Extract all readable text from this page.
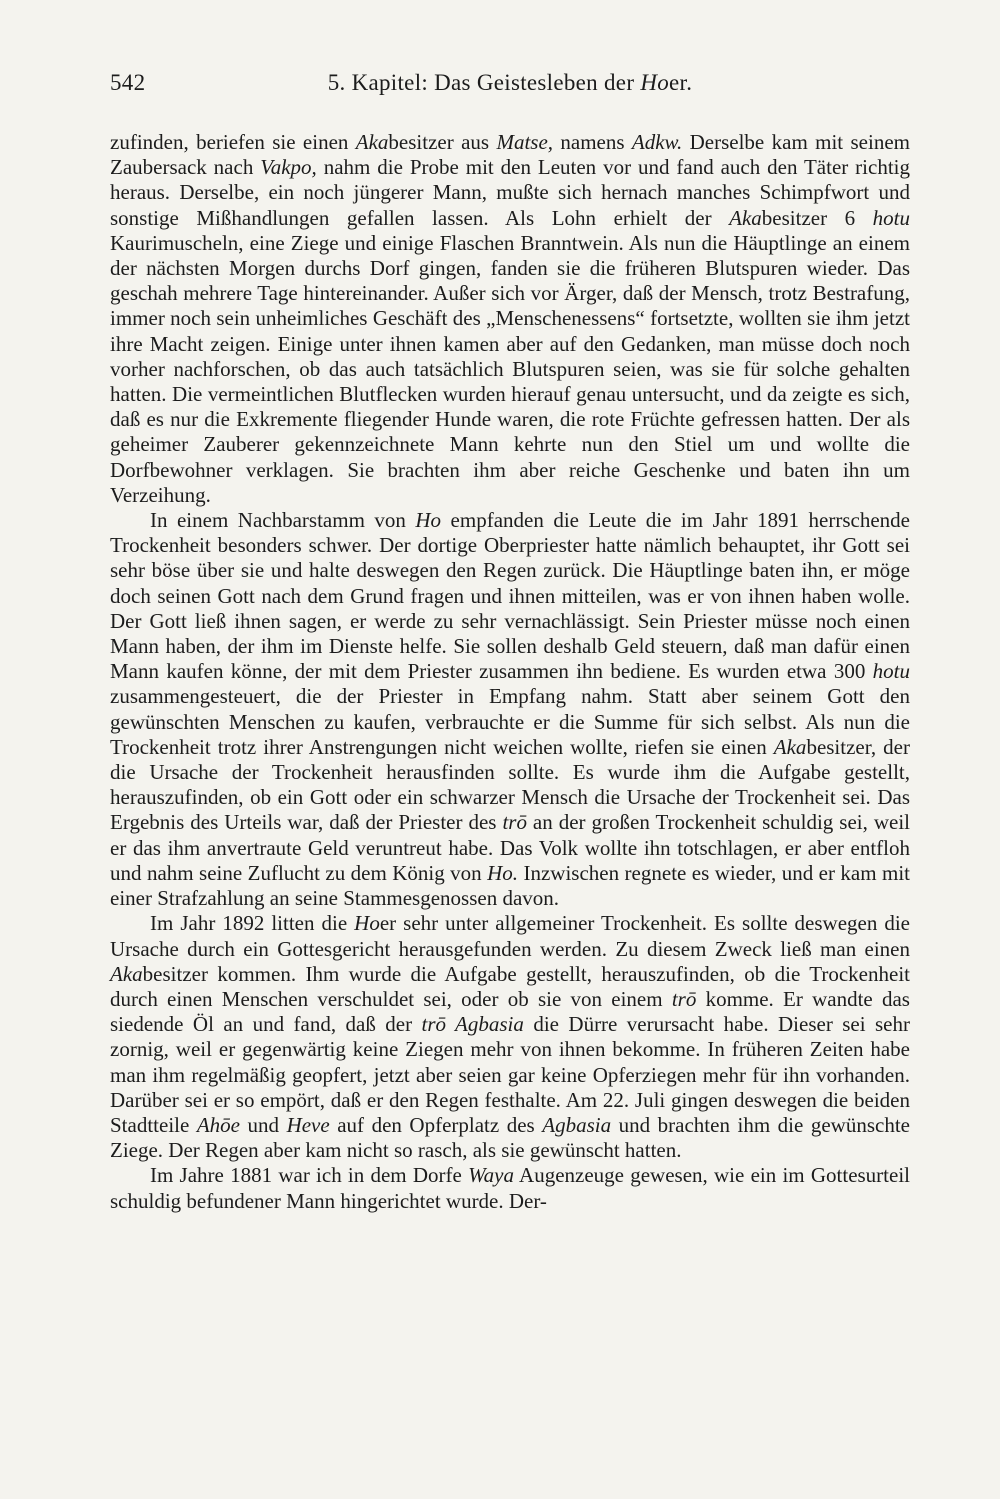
542	5. Kapitel: Das Geistesleben der Hoer.

zufinden, beriefen sie einen Akabesitzer aus Matse, namens Adkw. Derselbe kam mit seinem Zaubersack nach Vakpo, nahm die Probe mit den Leuten vor und fand auch den Täter richtig heraus. Derselbe, ein noch jüngerer Mann, mußte sich hernach manches Schimpfwort und sonstige Mißhandlungen gefallen lassen. Als Lohn erhielt der Akabesitzer 6 hotu Kaurimuscheln, eine Ziege und einige Flaschen Branntwein. Als nun die Häuptlinge an einem der nächsten Morgen durchs Dorf gingen, fanden sie die früheren Blutspuren wieder. Das geschah mehrere Tage hintereinander. Außer sich vor Ärger, daß der Mensch, trotz Bestrafung, immer noch sein unheimliches Geschäft des „Menschenessens“ fortsetzte, wollten sie ihm jetzt ihre Macht zeigen. Einige unter ihnen kamen aber auf den Gedanken, man müsse doch noch vorher nachforschen, ob das auch tatsächlich Blutspuren seien, was sie für solche gehalten hatten. Die vermeintlichen Blutflecken wurden hierauf genau untersucht, und da zeigte es sich, daß es nur die Exkremente fliegender Hunde waren, die rote Früchte gefressen hatten. Der als geheimer Zauberer gekennzeichnete Mann kehrte nun den Stiel um und wollte die Dorfbewohner verklagen. Sie brachten ihm aber reiche Geschenke und baten ihn um Verzeihung.

In einem Nachbarstamm von Ho empfanden die Leute die im Jahr 1891 herrschende Trockenheit besonders schwer. Der dortige Oberpriester hatte nämlich behauptet, ihr Gott sei sehr böse über sie und halte deswegen den Regen zurück. Die Häuptlinge baten ihn, er möge doch seinen Gott nach dem Grund fragen und ihnen mitteilen, was er von ihnen haben wolle. Der Gott ließ ihnen sagen, er werde zu sehr vernachlässigt. Sein Priester müsse noch einen Mann haben, der ihm im Dienste helfe. Sie sollen deshalb Geld steuern, daß man dafür einen Mann kaufen könne, der mit dem Priester zusammen ihn bediene. Es wurden etwa 300 hotu zusammengesteuert, die der Priester in Empfang nahm. Statt aber seinem Gott den gewünschten Menschen zu kaufen, verbrauchte er die Summe für sich selbst. Als nun die Trockenheit trotz ihrer Anstrengungen nicht weichen wollte, riefen sie einen Akabesitzer, der die Ursache der Trockenheit herausfinden sollte. Es wurde ihm die Aufgabe gestellt, herauszufinden, ob ein Gott oder ein schwarzer Mensch die Ursache der Trockenheit sei. Das Ergebnis des Urteils war, daß der Priester des trō an der großen Trockenheit schuldig sei, weil er das ihm anvertraute Geld veruntreut habe. Das Volk wollte ihn totschlagen, er aber entfloh und nahm seine Zuflucht zu dem König von Ho. Inzwischen regnete es wieder, und er kam mit einer Strafzahlung an seine Stammesgenossen davon.

Im Jahr 1892 litten die Hoer sehr unter allgemeiner Trockenheit. Es sollte deswegen die Ursache durch ein Gottesgericht herausgefunden werden. Zu diesem Zweck ließ man einen Akabesitzer kommen. Ihm wurde die Aufgabe gestellt, herauszufinden, ob die Trockenheit durch einen Menschen verschuldet sei, oder ob sie von einem trō komme. Er wandte das siedende Öl an und fand, daß der trō Agbasia die Dürre verursacht habe. Dieser sei sehr zornig, weil er gegenwärtig keine Ziegen mehr von ihnen bekomme. In früheren Zeiten habe man ihm regelmäßig geopfert, jetzt aber seien gar keine Opferziegen mehr für ihn vorhanden. Darüber sei er so empört, daß er den Regen festhalte. Am 22. Juli gingen deswegen die beiden Stadtteile Ahōe und Heve auf den Opferplatz des Agbasia und brachten ihm die gewünschte Ziege. Der Regen aber kam nicht so rasch, als sie gewünscht hatten.

Im Jahre 1881 war ich in dem Dorfe Waya Augenzeuge gewesen, wie ein im Gottesurteil schuldig befundener Mann hingerichtet wurde. Der-
